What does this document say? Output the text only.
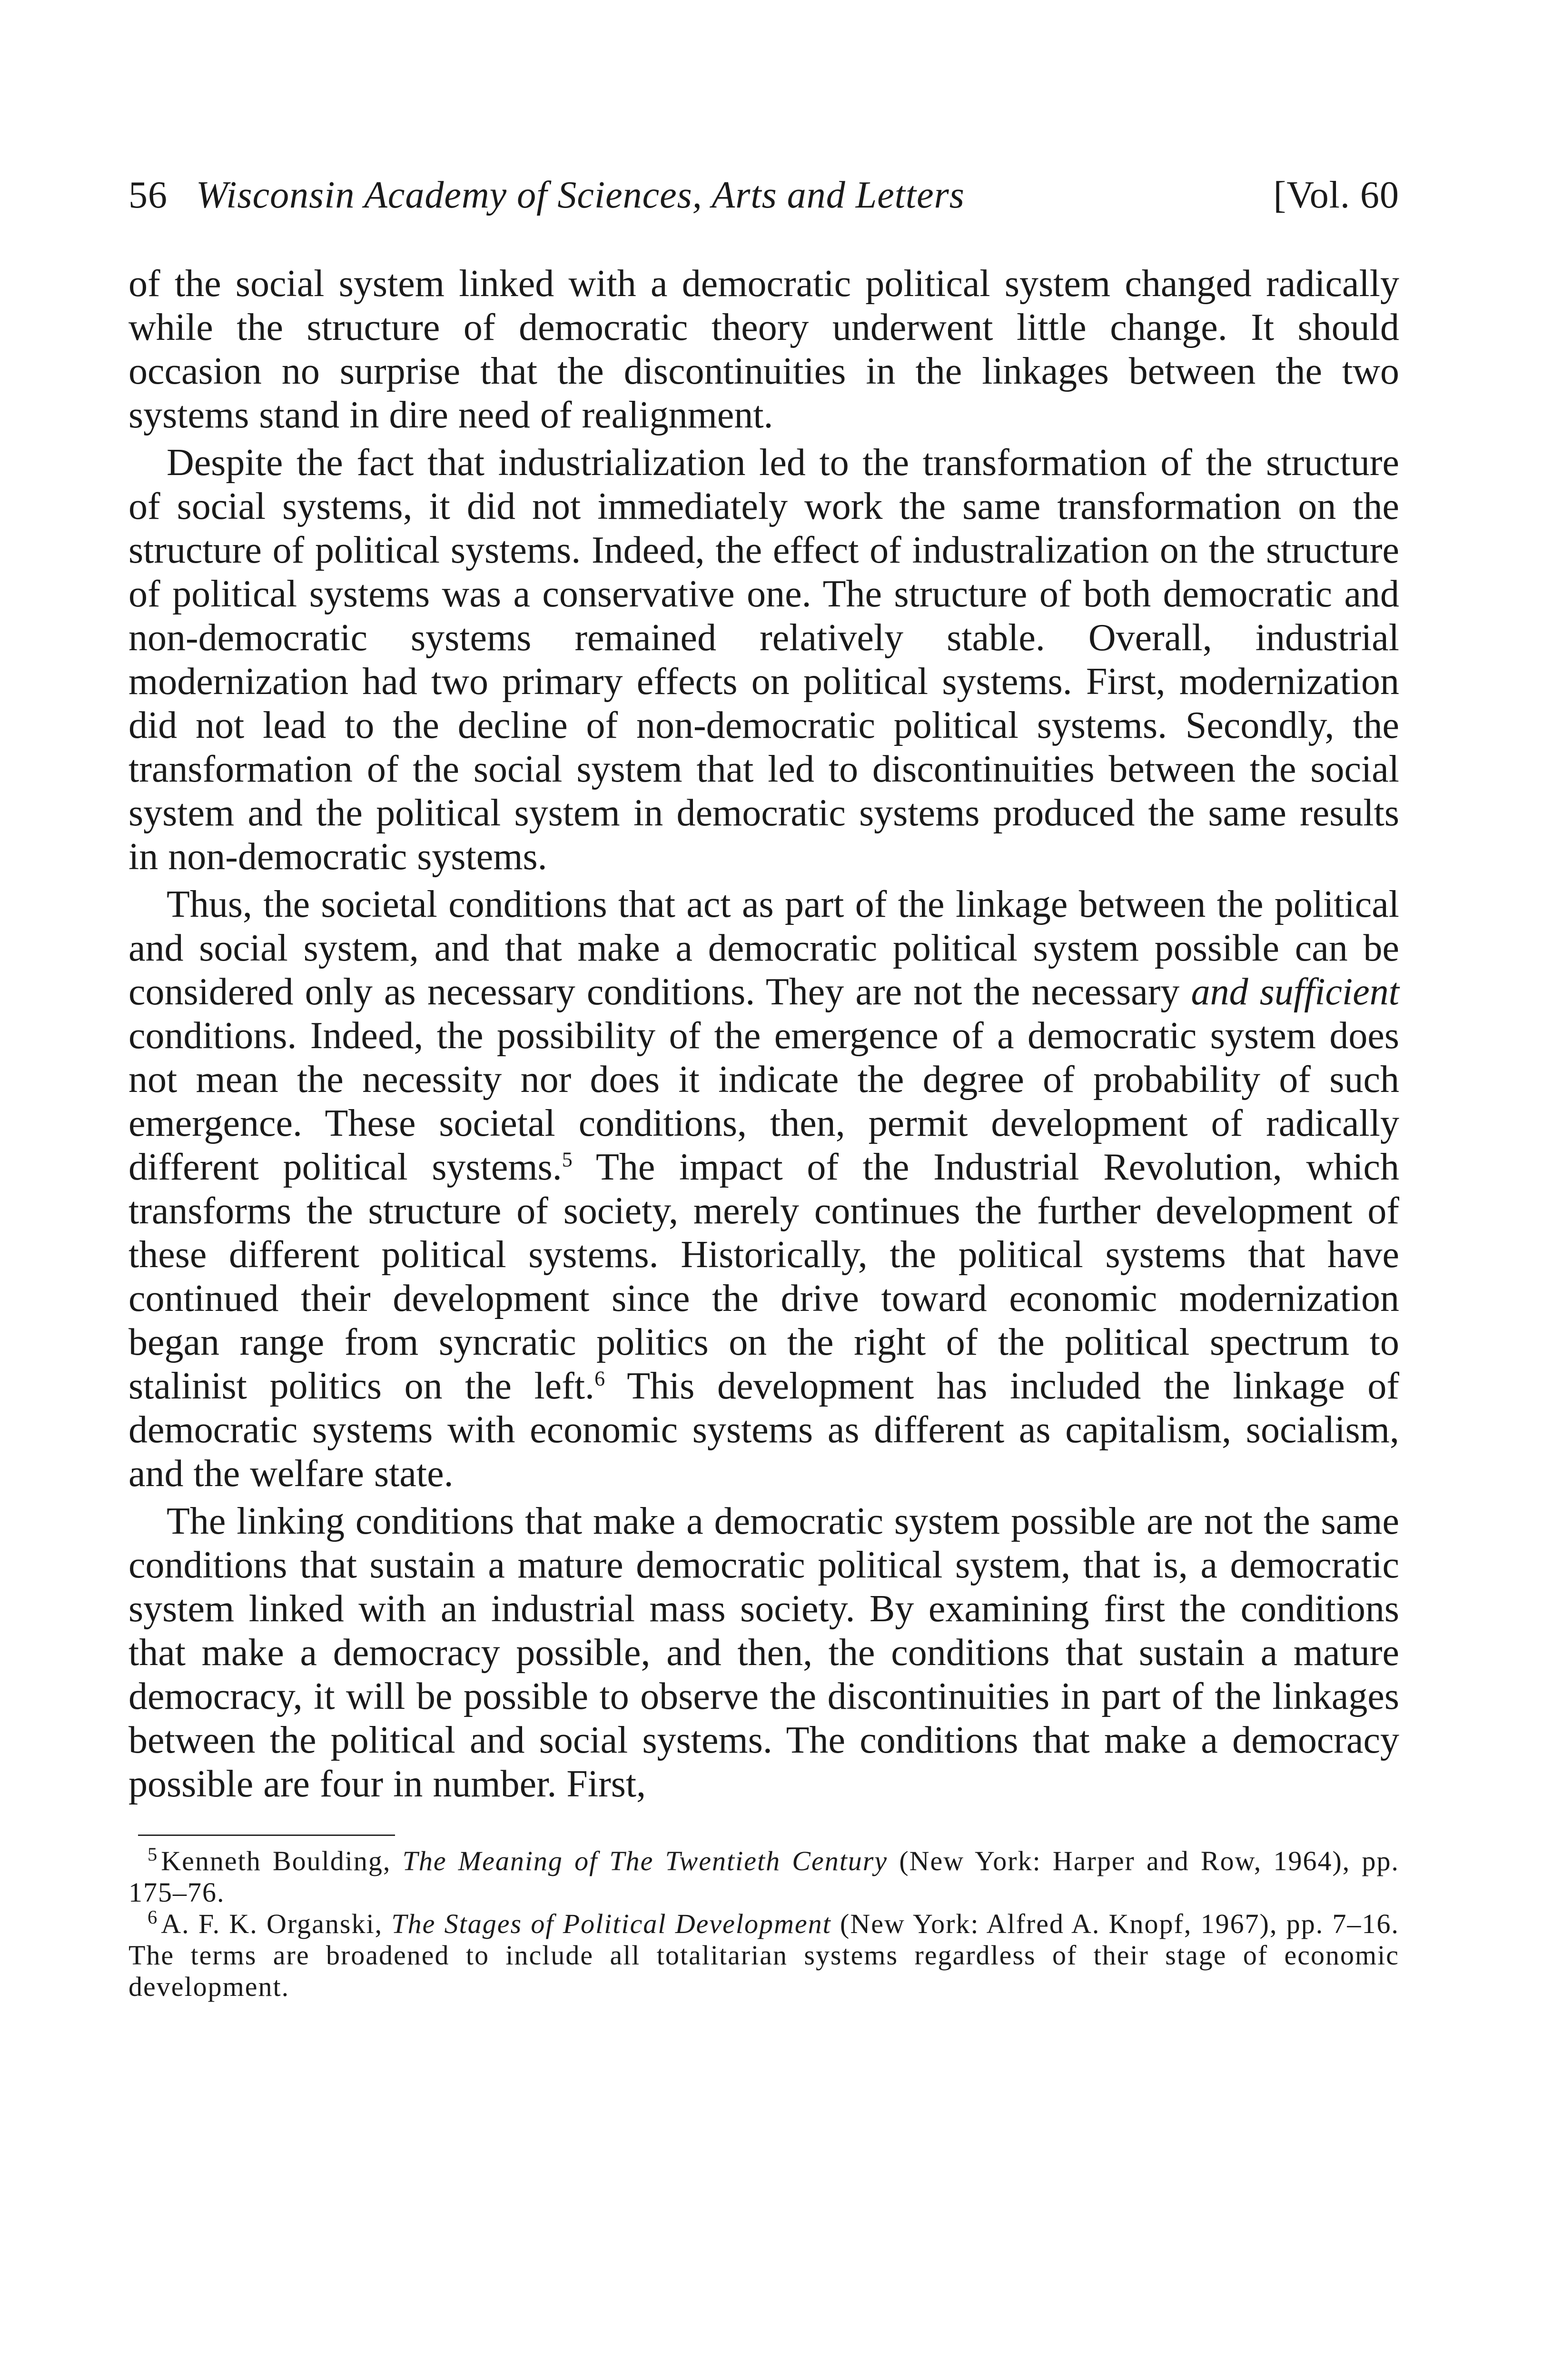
56 Wisconsin Academy of Sciences, Arts and Letters	[Vol. 60

of the social system linked with a democratic political system changed radically while the structure of democratic theory underwent little change. It should occasion no surprise that the discontinuities in the linkages between the two systems stand in dire need of realignment.

Despite the fact that industrialization led to the transformation of the structure of social systems, it did not immediately work the same transformation on the structure of political systems. Indeed, the effect of industralization on the structure of political systems was a conservative one. The structure of both democratic and non-democratic systems remained relatively stable. Overall, industrial modernization had two primary effects on political systems. First, modernization did not lead to the decline of non-democratic political systems. Secondly, the transformation of the social system that led to discontinuities between the social system and the political system in democratic systems produced the same results in non-democratic systems.

Thus, the societal conditions that act as part of the linkage between the political and social system, and that make a democratic political system possible can be considered only as necessary conditions. They are not the necessary and sufficient conditions. Indeed, the possibility of the emergence of a democratic system does not mean the necessity nor does it indicate the degree of probability of such emergence. These societal conditions, then, permit development of radically different political systems.$^5$ The impact of the Industrial Revolution, which transforms the structure of society, merely continues the further development of these different political systems. Historically, the political systems that have continued their development since the drive toward economic modernization began range from syncratic politics on the right of the political spectrum to stalinist politics on the left.$^6$ This development has included the linkage of democratic systems with economic systems as different as capitalism, socialism, and the welfare state.

The linking conditions that make a democratic system possible are not the same conditions that sustain a mature democratic political system, that is, a democratic system linked with an industrial mass society. By examining first the conditions that make a democracy possible, and then, the conditions that sustain a mature democracy, it will be possible to observe the discontinuities in part of the linkages between the political and social systems. The conditions that make a democracy possible are four in number. First,

$^5$ Kenneth Boulding, The Meaning of The Twentieth Century (New York: Harper and Row, 1964), pp. 175–76.

$^6$ A. F. K. Organski, The Stages of Political Development (New York: Alfred A. Knopf, 1967), pp. 7–16. The terms are broadened to include all totalitarian systems regardless of their stage of economic development.
